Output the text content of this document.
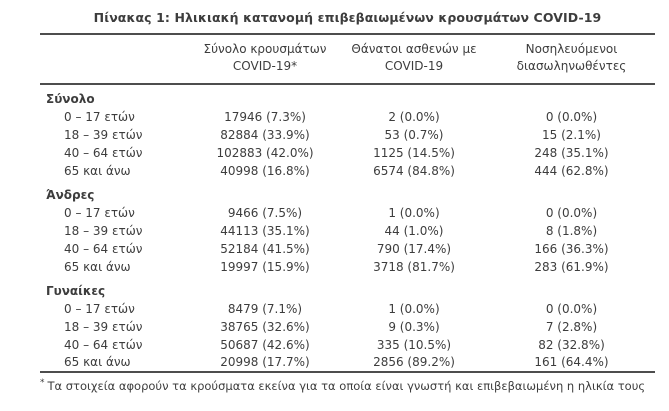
Πίνακας 1: Ηλικιακή κατανομή επιβεβαιωμένων κρουσμάτων COVID-19
	Σύνολο κρουσμάτων COVID-19*	Θάνατοι ασθενών με COVID-19	Νοσηλευόμενοι διασωληνωθέντες
Σύνολο			
0 – 17 ετών	17946 (7.3%)	2 (0.0%)	0 (0.0%)
18 – 39 ετών	82884 (33.9%)	53 (0.7%)	15 (2.1%)
40 – 64 ετών	102883 (42.0%)	1125 (14.5%)	248 (35.1%)
65 και άνω	40998 (16.8%)	6574 (84.8%)	444 (62.8%)
Άνδρες			
0 – 17 ετών	9466 (7.5%)	1 (0.0%)	0 (0.0%)
18 – 39 ετών	44113 (35.1%)	44 (1.0%)	8 (1.8%)
40 – 64 ετών	52184 (41.5%)	790 (17.4%)	166 (36.3%)
65 και άνω	19997 (15.9%)	3718 (81.7%)	283 (61.9%)
Γυναίκες			
0 – 17 ετών	8479 (7.1%)	1 (0.0%)	0 (0.0%)
18 – 39 ετών	38765 (32.6%)	9 (0.3%)	7 (2.8%)
40 – 64 ετών	50687 (42.6%)	335 (10.5%)	82 (32.8%)
65 και άνω	20998 (17.7%)	2856 (89.2%)	161 (64.4%)
* Τα στοιχεία αφορούν τα κρούσματα εκείνα για τα οποία είναι γνωστή και επιβεβαιωμένη η ηλικία τους
